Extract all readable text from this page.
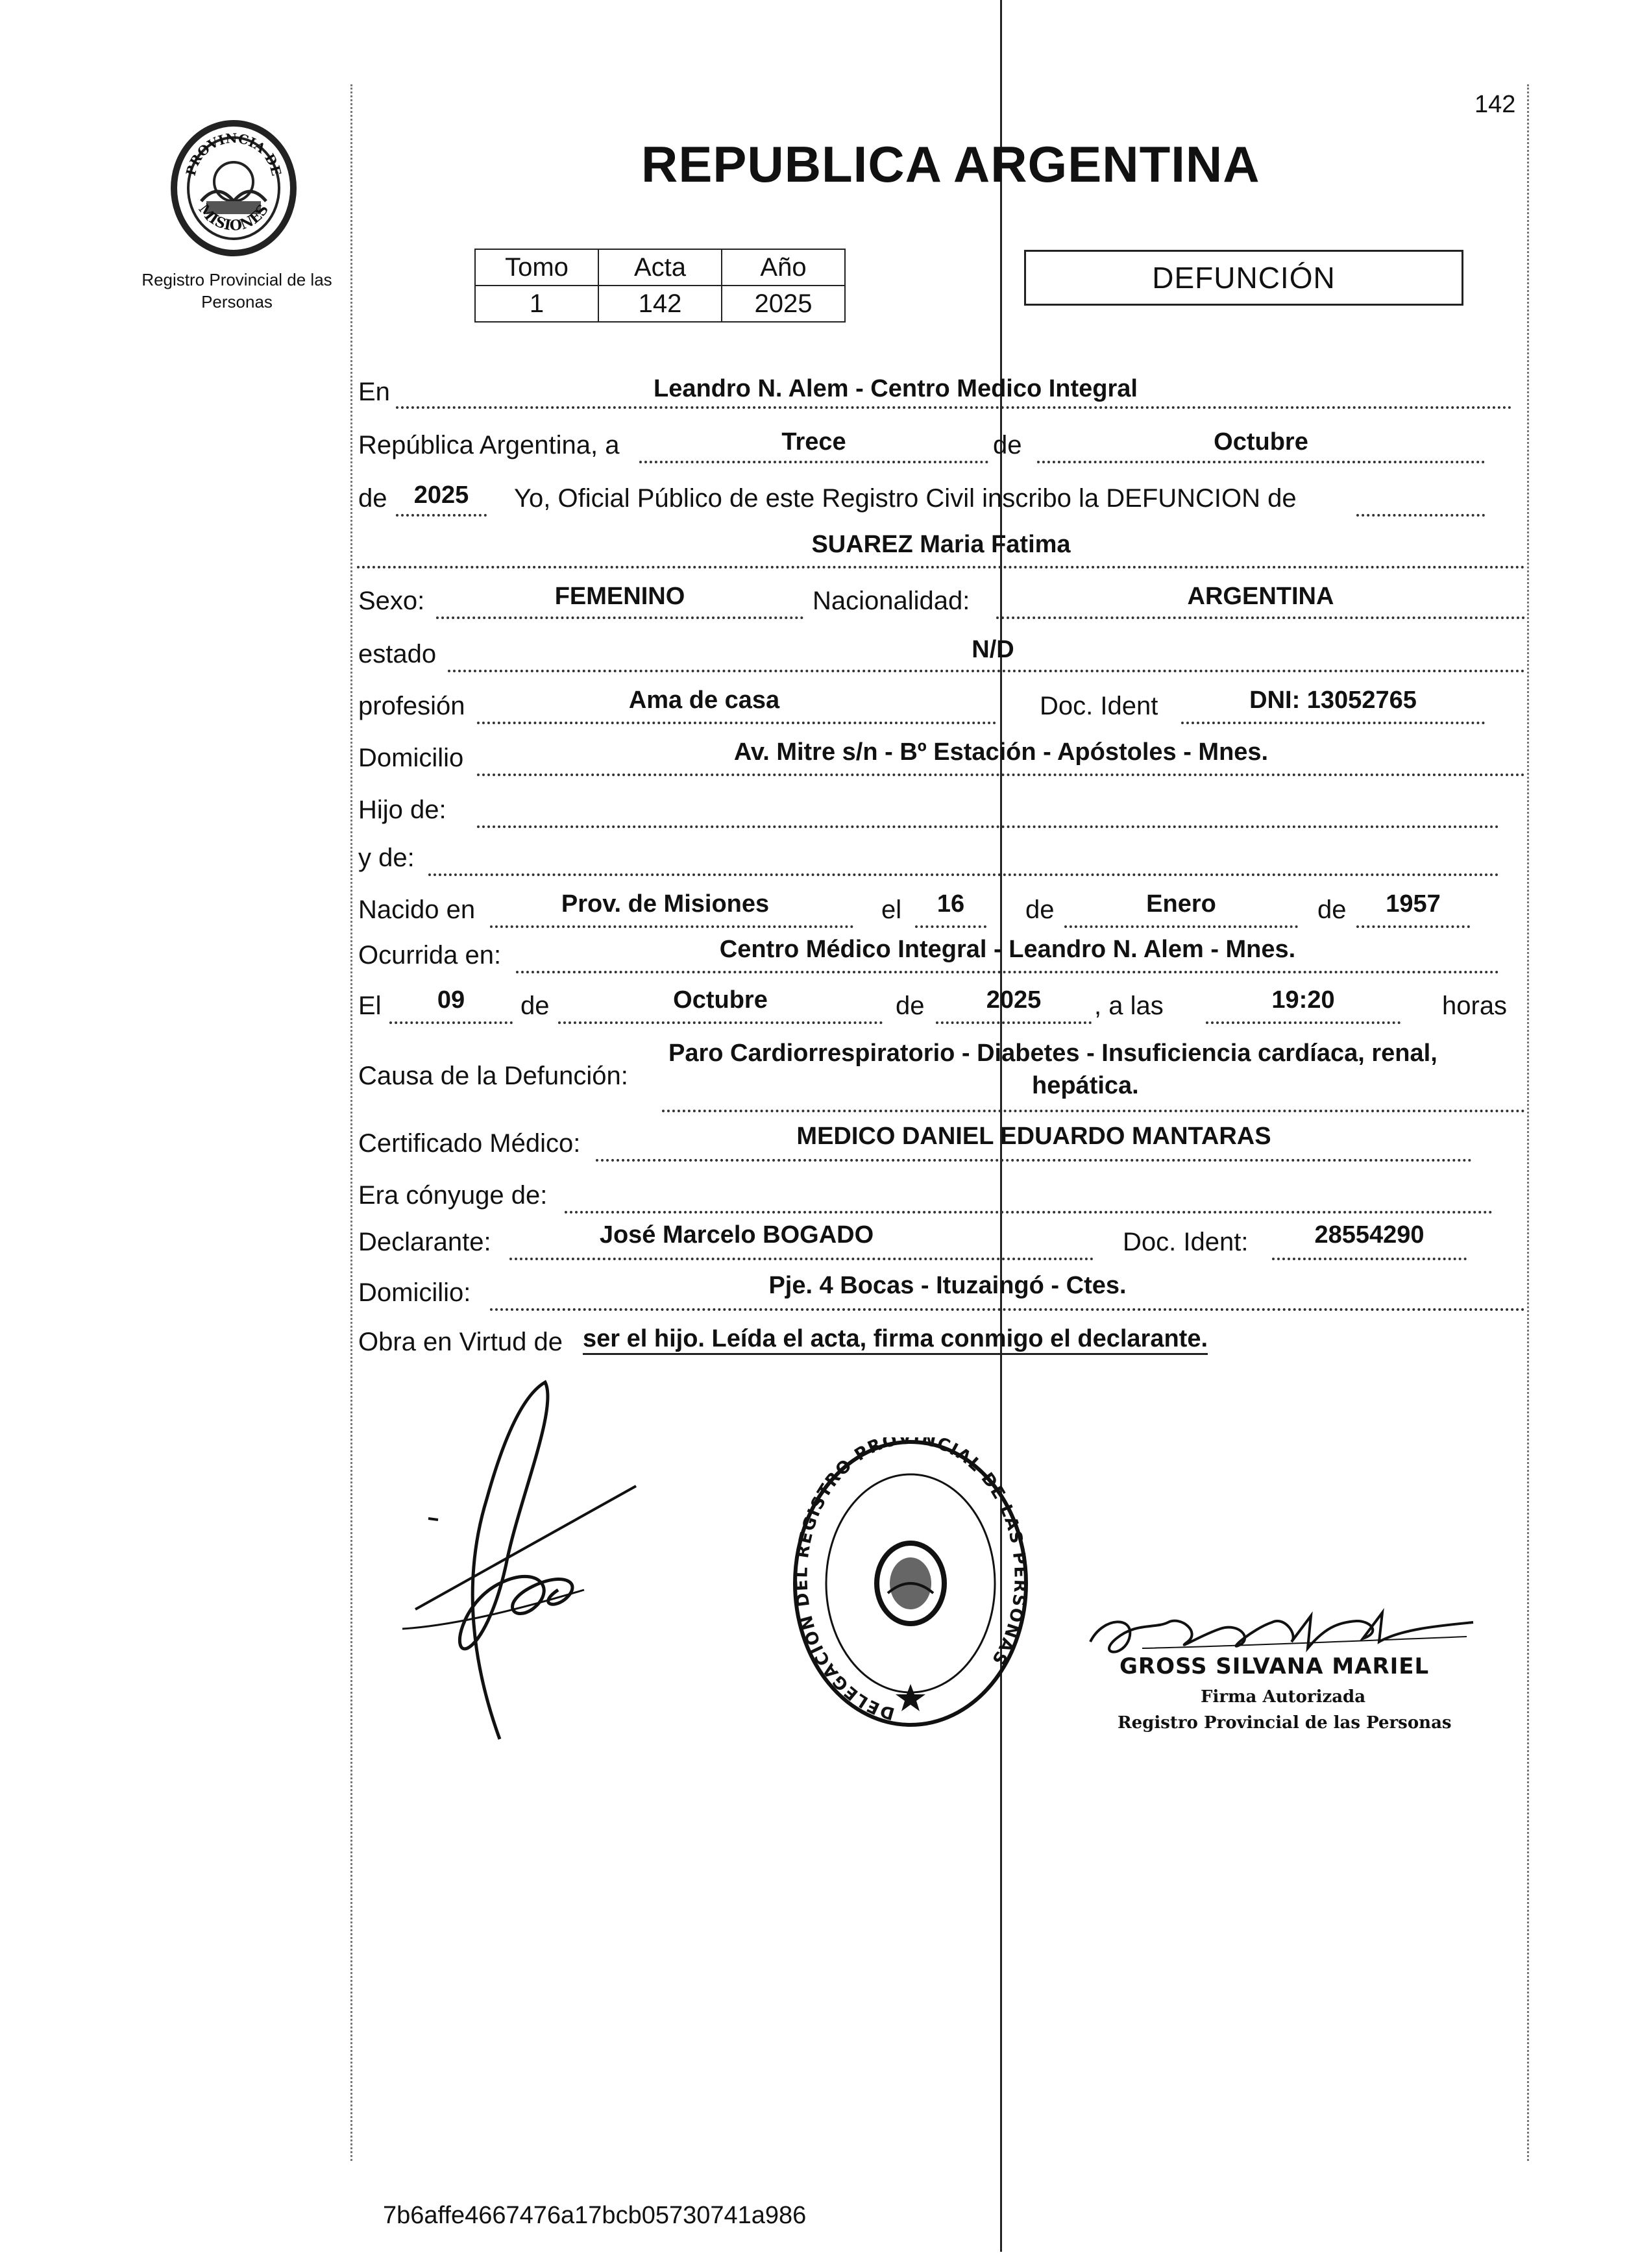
142
REPUBLICA ARGENTINA
PROVINCIA DE
MISIONES
Registro Provincial de las Personas
Tomo	Acta	Año
1	142	2025
DEFUNCIÓN
En	Leandro N. Alem - Centro Medico Integral
República Argentina, a	Trece	de	Octubre
de	2025	Yo, Oficial Público de este Registro Civil inscribo la DEFUNCION de
SUAREZ Maria Fatima
Sexo:	FEMENINO	Nacionalidad:	ARGENTINA
estado	N/D
profesión	Ama de casa	Doc. Ident	DNI: 13052765
Domicilio	Av. Mitre s/n - Bº Estación - Apóstoles - Mnes.
Hijo de:
y de:
Nacido en	Prov. de Misiones	el	16	de	Enero	de	1957
Ocurrida en:	Centro Médico Integral - Leandro N. Alem - Mnes.
El	09	de	Octubre	de	2025	, a las	19:20	horas
Causa de la Defunción:
Paro Cardiorrespiratorio - Diabetes - Insuficiencia cardíaca, renal,
hepática.
Certificado Médico:	MEDICO DANIEL EDUARDO MANTARAS
Era cónyuge de:
Declarante:	José Marcelo BOGADO	Doc. Ident:	28554290
Domicilio:	Pje. 4 Bocas - Ituzaingó - Ctes.
Obra en Virtud de ser el hijo. Leída el acta, firma conmigo el declarante.
DELEGACION DEL REGISTRO PROVINCIAL DE LAS PERSONAS	GROSS SILVANA MARIEL
Firma Autorizada
Registro Provincial de las Personas
7b6affe4667476a17bcb05730741a986
